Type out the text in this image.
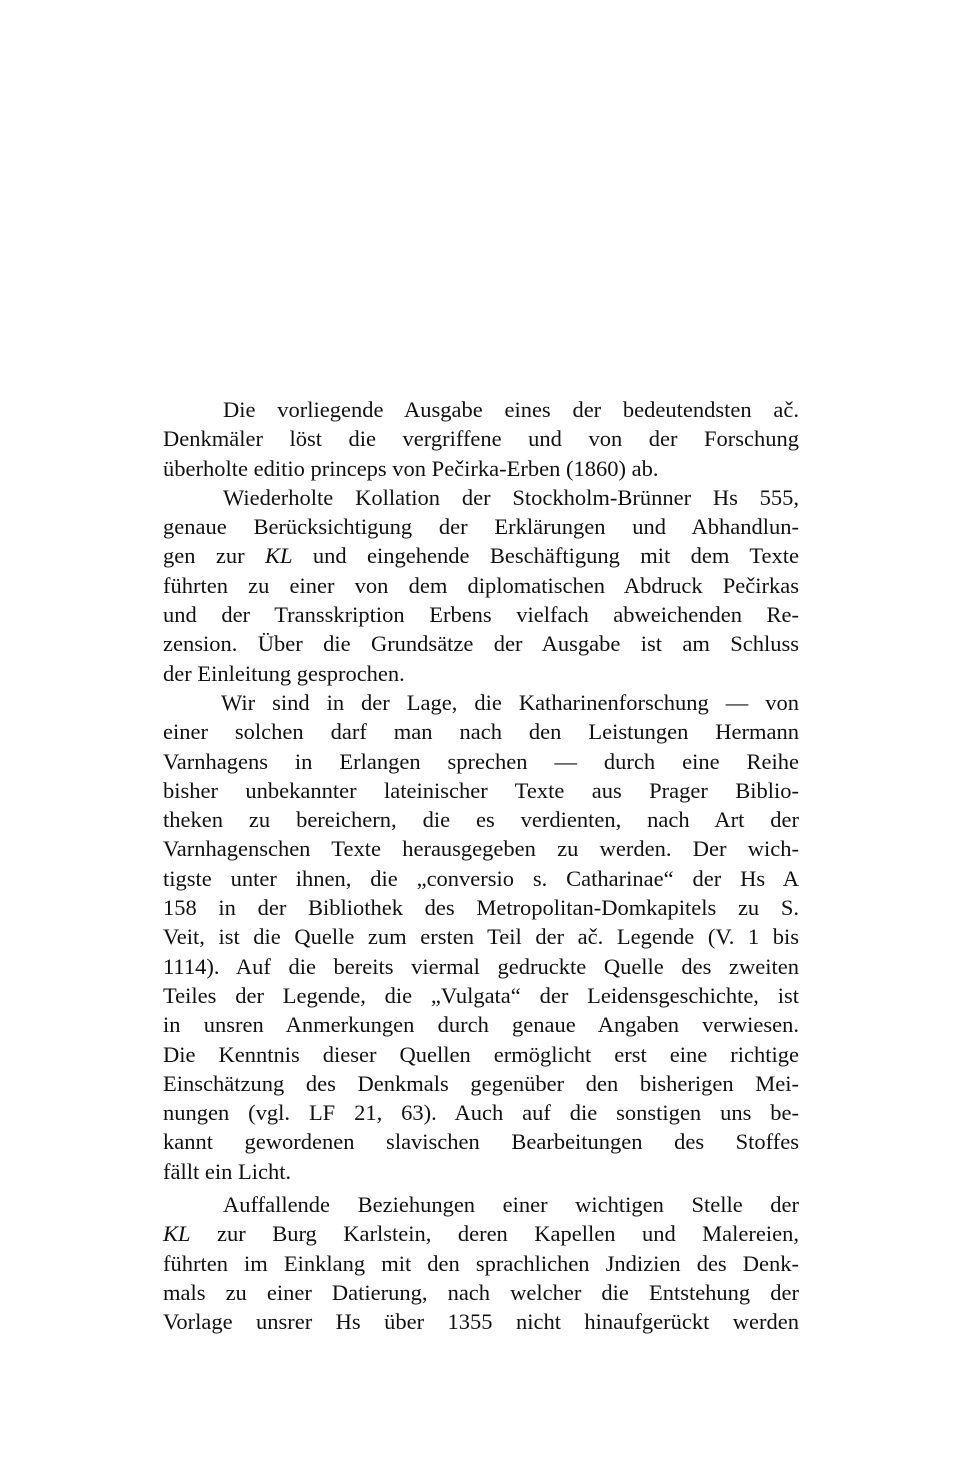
Die vorliegende Ausgabe eines der bedeutendsten ač.
Denkmäler löst die vergriffene und von der Forschung
überholte editio princeps von Pečirka-Erben (1860) ab.
Wiederholte Kollation der Stockholm-Brünner Hs 555,
genaue Berücksichtigung der Erklärungen und Abhandlun-
gen zur KL und eingehende Beschäftigung mit dem Texte
führten zu einer von dem diplomatischen Abdruck Pečirkas
und der Transskription Erbens vielfach abweichenden Re-
zension. Über die Grundsätze der Ausgabe ist am Schluss
der Einleitung gesprochen.
Wir sind in der Lage, die Katharinenforschung — von
einer solchen darf man nach den Leistungen Hermann
Varnhagens in Erlangen sprechen — durch eine Reihe
bisher unbekannter lateinischer Texte aus Prager Biblio-
theken zu bereichern, die es verdienten, nach Art der
Varnhagenschen Texte herausgegeben zu werden. Der wich-
tigste unter ihnen, die „conversio s. Catharinae“ der Hs A
158 in der Bibliothek des Metropolitan-Domkapitels zu S.
Veit, ist die Quelle zum ersten Teil der ač. Legende (V. 1 bis
1114). Auf die bereits viermal gedruckte Quelle des zweiten
Teiles der Legende, die „Vulgata“ der Leidensgeschichte, ist
in unsren Anmerkungen durch genaue Angaben verwiesen.
Die Kenntnis dieser Quellen ermöglicht erst eine richtige
Einschätzung des Denkmals gegenüber den bisherigen Mei-
nungen (vgl. LF 21, 63). Auch auf die sonstigen uns be-
kannt gewordenen slavischen Bearbeitungen des Stoffes
fällt ein Licht.
Auffallende Beziehungen einer wichtigen Stelle der
KL zur Burg Karlstein, deren Kapellen und Malereien,
führten im Einklang mit den sprachlichen Jndizien des Denk-
mals zu einer Datierung, nach welcher die Entstehung der
Vorlage unsrer Hs über 1355 nicht hinaufgerückt werden
